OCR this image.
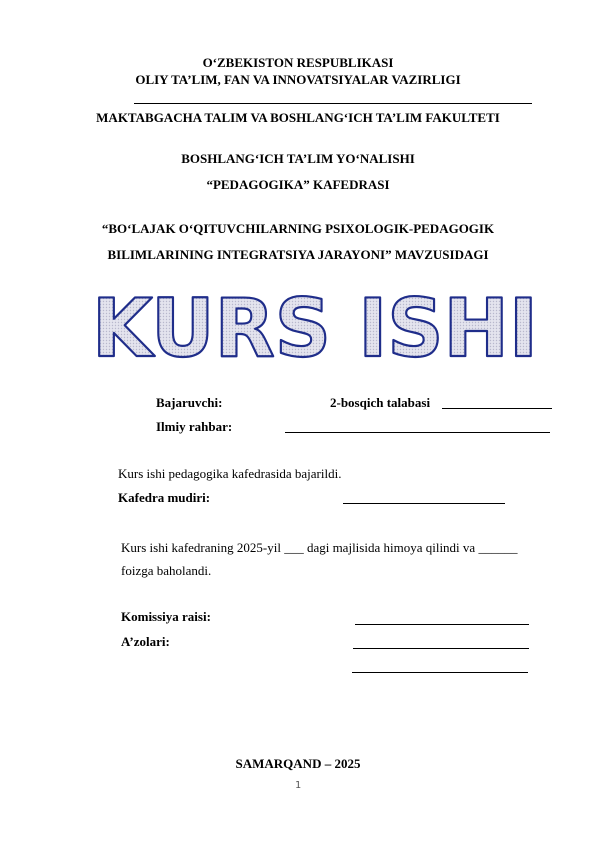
O‘ZBEKISTON RESPUBLIKASI
OLIY TA’LIM, FAN VA INNOVATSIYALAR VAZIRLIGI
MAKTABGACHA TALIM VA BOSHLANG‘ICH TA’LIM FAKULTETI
BOSHLANG‘ICH TA’LIM YO‘NALISHI
“PEDAGOGIKA” KAFEDRASI
“BO‘LAJAK O‘QITUVCHILARNING PSIXOLOGIK-PEDAGOGIK
BILIMLARINING INTEGRATSIYA JARAYONI” MAVZUSIDAGI
KURS ISHI
Bajaruvchi:	2-bosqich talabasi
Ilmiy rahbar:
Kurs ishi pedagogika kafedrasida bajarildi.
Kafedra mudiri:
Kurs ishi kafedraning 2025-yil ___ dagi majlisida himoya qilindi va ______
foizga baholandi.
Komissiya raisi:
A’zolari:
SAMARQAND – 2025
1
